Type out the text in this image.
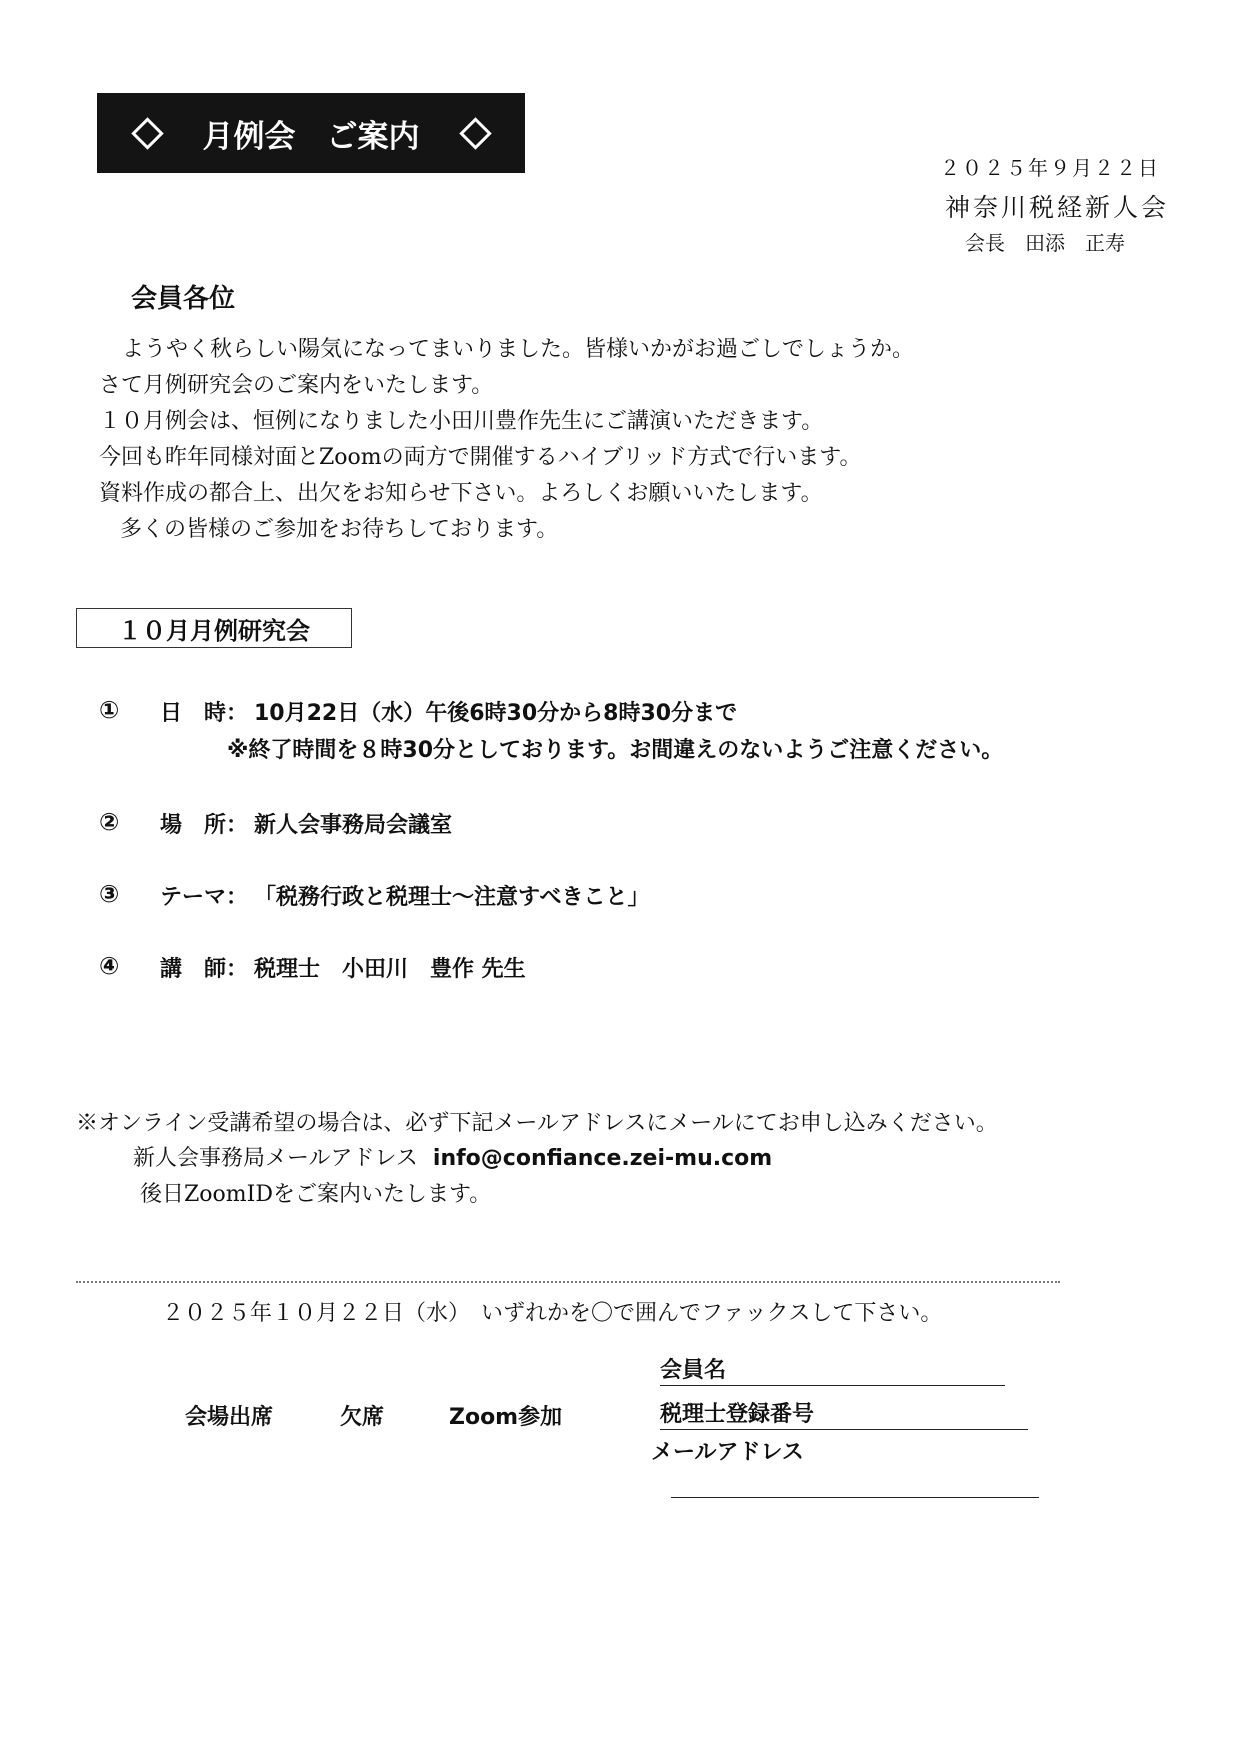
月例会　ご案内
２０２５年９月２２日
神奈川税経新人会
会長　田添　正寿
会員各位
ようやく秋らしい陽気になってまいりました。皆様いかがお過ごしでしょうか。
さて月例研究会のご案内をいたします。
１０月例会は、恒例になりました小田川豊作先生にご講演いただきます。
今回も昨年同様対面とZoomの両方で開催するハイブリッド方式で行います。
資料作成の都合上、出欠をお知らせ下さい。よろしくお願いいたします。
多くの皆様のご参加をお待ちしております。
１０月月例研究会
① 日　時： 10月22日（水）午後6時30分から8時30分まで
※終了時間を８時30分としております。お間違えのないようご注意ください。
② 場　所： 新人会事務局会議室
③ テーマ： 「税務行政と税理士～注意すべきこと」
④ 講　師： 税理士　小田川　豊作 先生
※オンライン受講希望の場合は、必ず下記メールアドレスにメールにてお申し込みください。
新人会事務局メールアドレス info@confiance.zei-mu.com
後日ZoomIDをご案内いたします。
２０２５年１０月２２日（水）　いずれかを〇で囲んでファックスして下さい。
会場出席	欠席	Zoom参加
会員名
税理士登録番号
メールアドレス
